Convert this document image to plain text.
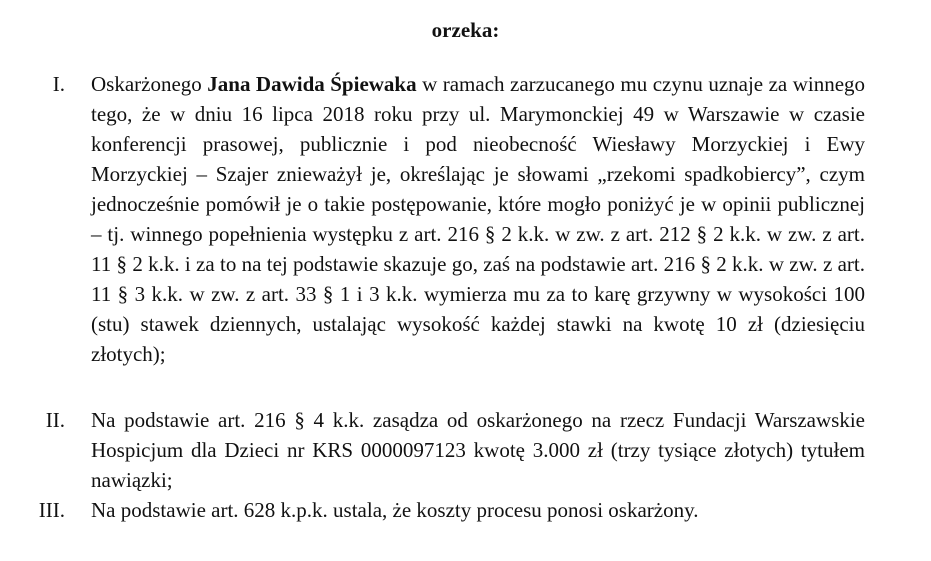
orzeka:
I. Oskarżonego Jana Dawida Śpiewaka w ramach zarzucanego mu czynu uznaje za winnego tego, że w dniu 16 lipca 2018 roku przy ul. Marymonckiej 49 w Warszawie w czasie konferencji prasowej, publicznie i pod nieobecność Wiesławy Morzyckiej i Ewy Morzyckiej – Szajer znieważył je, określając je słowami „rzekomi spadkobiercy”, czym jednocześnie pomówił je o takie postępowanie, które mogło poniżyć je w opinii publicznej – tj. winnego popełnienia występku z art. 216 § 2 k.k. w zw. z art. 212 § 2 k.k. w zw. z art. 11 § 2 k.k. i za to na tej podstawie skazuje go, zaś na podstawie art. 216 § 2 k.k. w zw. z art. 11 § 3 k.k. w zw. z art. 33 § 1 i 3 k.k. wymierza mu za to karę grzywny w wysokości 100 (stu) stawek dziennych, ustalając wysokość każdej stawki na kwotę 10 zł (dziesięciu złotych);
II. Na podstawie art. 216 § 4 k.k. zasądza od oskarżonego na rzecz Fundacji Warszawskie Hospicjum dla Dzieci nr KRS 0000097123 kwotę 3.000 zł (trzy tysiące złotych) tytułem nawiązki;
III. Na podstawie art. 628 k.p.k. ustala, że koszty procesu ponosi oskarżony.
